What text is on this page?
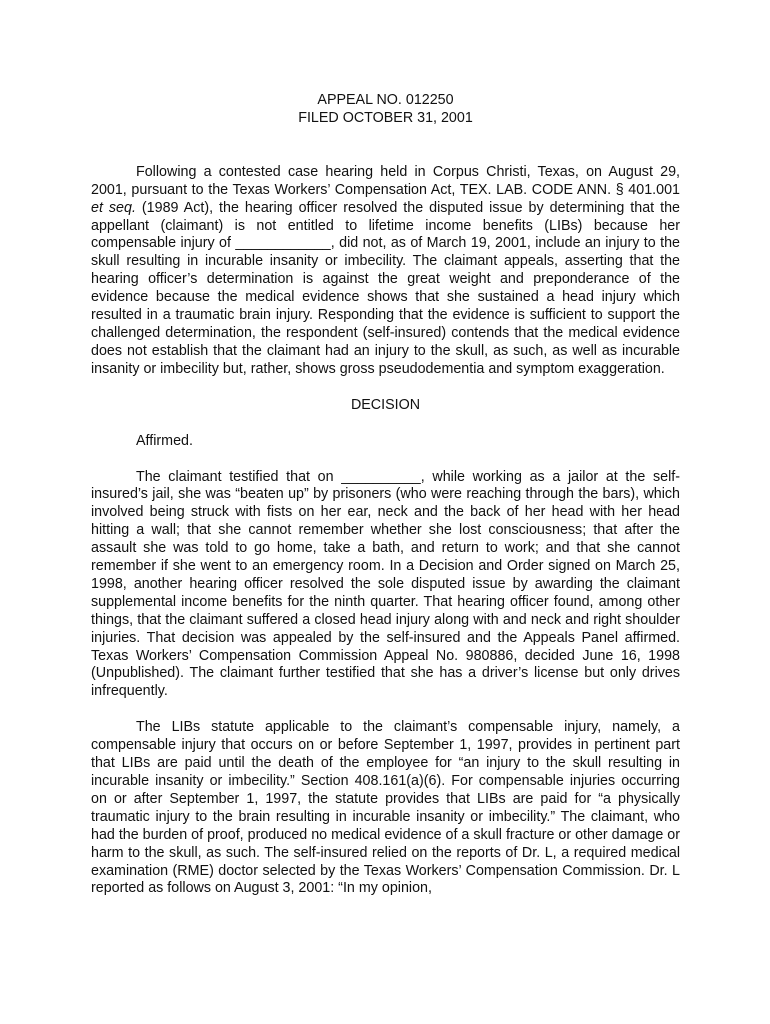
APPEAL NO. 012250
FILED OCTOBER 31, 2001

Following a contested case hearing held in Corpus Christi, Texas, on August 29, 2001, pursuant to the Texas Workers’ Compensation Act, TEX. LAB. CODE ANN. § 401.001 et seq. (1989 Act), the hearing officer resolved the disputed issue by determining that the appellant (claimant) is not entitled to lifetime income benefits (LIBs) because her compensable injury of ____________, did not, as of March 19, 2001, include an injury to the skull resulting in incurable insanity or imbecility. The claimant appeals, asserting that the hearing officer’s determination is against the great weight and preponderance of the evidence because the medical evidence shows that she sustained a head injury which resulted in a traumatic brain injury. Responding that the evidence is sufficient to support the challenged determination, the respondent (self-insured) contends that the medical evidence does not establish that the claimant had an injury to the skull, as such, as well as incurable insanity or imbecility but, rather, shows gross pseudodementia and symptom exaggeration.

DECISION

Affirmed.

The claimant testified that on __________, while working as a jailor at the self-insured’s jail, she was “beaten up” by prisoners (who were reaching through the bars), which involved being struck with fists on her ear, neck and the back of her head with her head hitting a wall; that she cannot remember whether she lost consciousness; that after the assault she was told to go home, take a bath, and return to work; and that she cannot remember if she went to an emergency room. In a Decision and Order signed on March 25, 1998, another hearing officer resolved the sole disputed issue by awarding the claimant supplemental income benefits for the ninth quarter. That hearing officer found, among other things, that the claimant suffered a closed head injury along with and neck and right shoulder injuries. That decision was appealed by the self-insured and the Appeals Panel affirmed. Texas Workers’ Compensation Commission Appeal No. 980886, decided June 16, 1998 (Unpublished). The claimant further testified that she has a driver’s license but only drives infrequently.

The LIBs statute applicable to the claimant’s compensable injury, namely, a compensable injury that occurs on or before September 1, 1997, provides in pertinent part that LIBs are paid until the death of the employee for “an injury to the skull resulting in incurable insanity or imbecility.” Section 408.161(a)(6). For compensable injuries occurring on or after September 1, 1997, the statute provides that LIBs are paid for “a physically traumatic injury to the brain resulting in incurable insanity or imbecility.” The claimant, who had the burden of proof, produced no medical evidence of a skull fracture or other damage or harm to the skull, as such. The self-insured relied on the reports of Dr. L, a required medical examination (RME) doctor selected by the Texas Workers’ Compensation Commission. Dr. L reported as follows on August 3, 2001: “In my opinion,
